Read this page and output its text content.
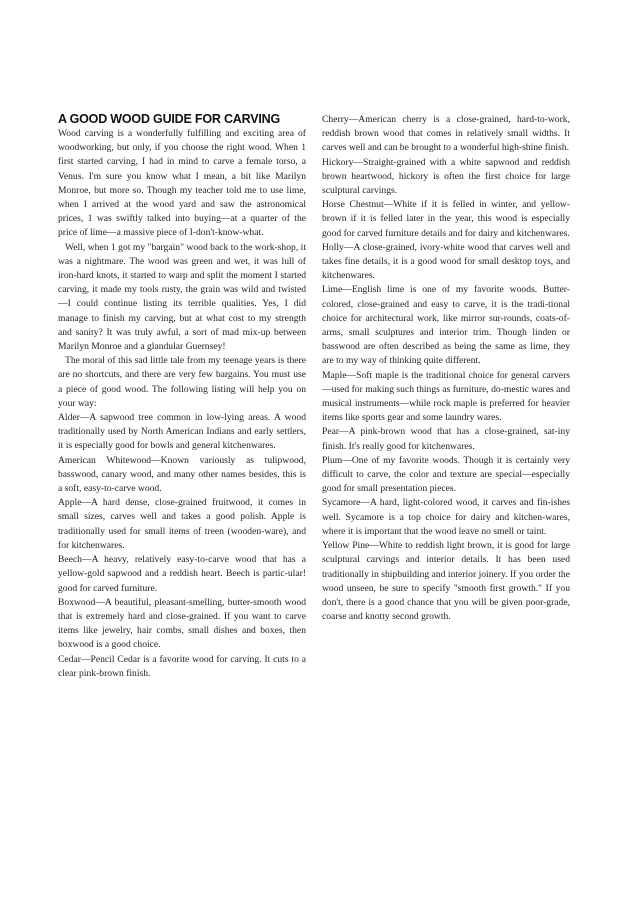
A GOOD WOOD GUIDE FOR CARVING

Wood carving is a wonderfully fulfilling and exciting area of woodworking, but only, if you choose the right wood. When 1 first started carving, I had in mind to carve a female torso, a Venus. I'm sure you know what I mean, a bit like Marilyn Monroe, but more so. Though my teacher told me to use lime, when I arrived at the wood yard and saw the astronomical prices, 1 was swiftly talked into buying—at a quarter of the price of lime—a massive piece of I-don't-know-what.

Well, when 1 got my "bargain" wood back to the work-shop, it was a nightmare. The wood was green and wet, it was lull of iron-hard knots, it started to warp and split the moment I started carving, it made my tools rusty, the grain was wild and twisted—I could continue listing its terrible qualities. Yes, I did manage to finish my carving, but at what cost to my strength and sanity? It was truly awful, a sort of mad mix-up between Marilyn Monroe and a glandular Guernsey!

The moral of this sad little tale from my teenage years is there are no shortcuts, and there are very few bargains. You must use a piece of good wood. The following listing will help you on your way:

Alder—A sapwood tree common in low-lying areas. A wood traditionally used by North American Indians and early settlers, it is especially good for bowls and general kitchenwares.

American Whitewood—Known variously as tulipwood, basswood, canary wood, and many other names besides, this is a soft, easy-to-carve wood.

Apple—A hard dense, close-grained fruitwood, it comes in small sizes, carves well and takes a good polish. Apple is traditionally used for small items of treen (wooden-ware), and for kitchenwares.

Beech—A heavy, relatively easy-to-carve wood that has a yellow-gold sapwood and a reddish heart. Beech is partic-ular! good for carved furniture.

Boxwood—A beautiful, pleasant-smelling, butter-smooth wood that is extremely hard and close-grained. If you want to carve items like jewelry, hair combs, small dishes and boxes, then boxwood is a good choice.

Cedar—Pencil Cedar is a favorite wood for carving. It cuts to a clear pink-brown finish.

Cherry—American cherry is a close-grained, hard-to-work, reddish brown wood that comes in relatively small widths. It carves well and can be brought to a wonderful high-shine finish.

Hickory—Straight-grained with a white sapwood and reddish brown heartwood, hickory is often the first choice for large sculptural carvings.

Horse Chestnut—White if it is felled in winter, and yellow-brown if it is felled later in the year, this wood is especially good for carved furniture details and for dairy and kitchenwares.

Holly—A close-grained, ivory-white wood that carves well and takes fine details, it is a good wood for small desktop toys, and kitchenwares.

Lime—English lime is one of my favorite woods. Butter-colored, close-grained and easy to carve, it is the tradi-tional choice for architectural work, like mirror sur-rounds, coats-of-arms, small sculptures and interior trim. Though linden or basswood are often described as being the same as lime, they are to my way of thinking quite different.

Maple—Soft maple is the traditional choice for general carvers—used for making such things as furniture, do-mestic wares and musical instruments—while rock maple is preferred for heavier items like sports gear and some laundry wares.

Pear—A pink-brown wood that has a close-grained, sat-iny finish. It's really good for kitchenwares.

Plum—One of my favorite woods. Though it is certainly very difficult to carve, the color and texture are special—especially good for small presentation pieces.

Sycamore—A hard, light-colored wood, it carves and fin-ishes well. Sycamore is a top choice for dairy and kitchen-wares, where it is important that the wood leave no smell or taint.

Yellow Pine—White to reddish light brown, it is good for large sculptural carvings and interior details. It has been used traditionally in shipbuilding and interior joinery. If you order the wood unseen, be sure to specify "smooth first growth." If you don't, there is a good chance that you will be given poor-grade, coarse and knotty second growth.
